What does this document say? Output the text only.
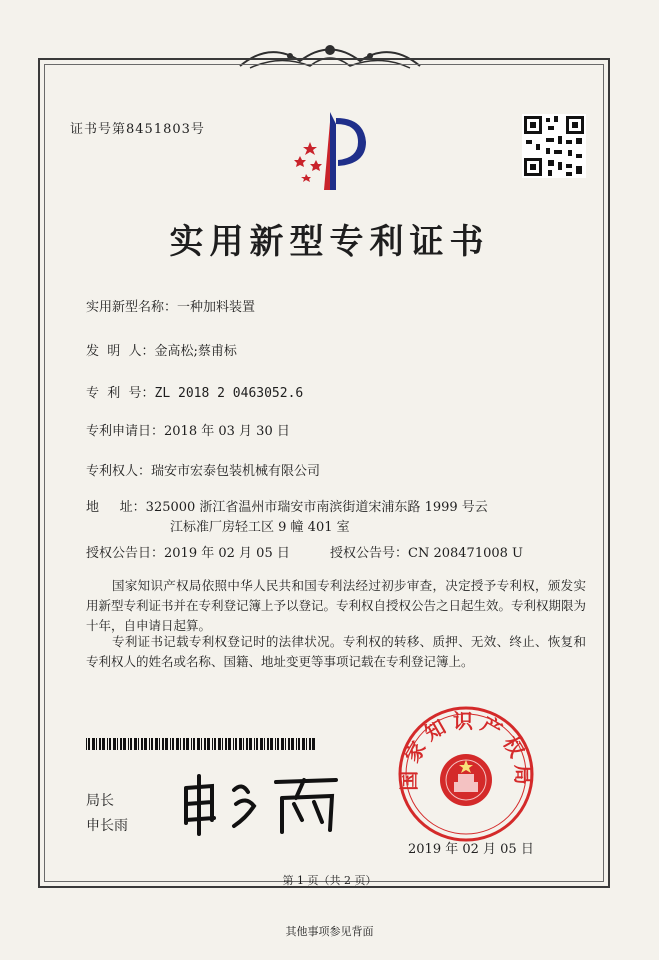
证书号第8451803号
实用新型专利证书
实用新型名称：一种加料装置
发  明  人：金高松;蔡甫标
专  利  号：ZL 2018 2 0463052.6
专利申请日：2018 年 03 月 30 日
专利权人：瑞安市宏泰包装机械有限公司
地     址：325000 浙江省温州市瑞安市南滨街道宋浦东路 1999 号云
江标准厂房轻工区 9 幢 401 室
授权公告日：2019 年 02 月 05 日	授权公告号：CN 208471008 U
国家知识产权局依照中华人民共和国专利法经过初步审查，决定授予专利权，颁发实用新型专利证书并在专利登记簿上予以登记。专利权自授权公告之日起生效。专利权期限为十年，自申请日起算。
专利证书记载专利权登记时的法律状况。专利权的转移、质押、无效、终止、恢复和专利权人的姓名或名称、国籍、地址变更等事项记载在专利登记簿上。
局长
申长雨
国家知识产权局
2019 年 02 月 05 日
第 1 页（共 2 页）
其他事项参见背面
